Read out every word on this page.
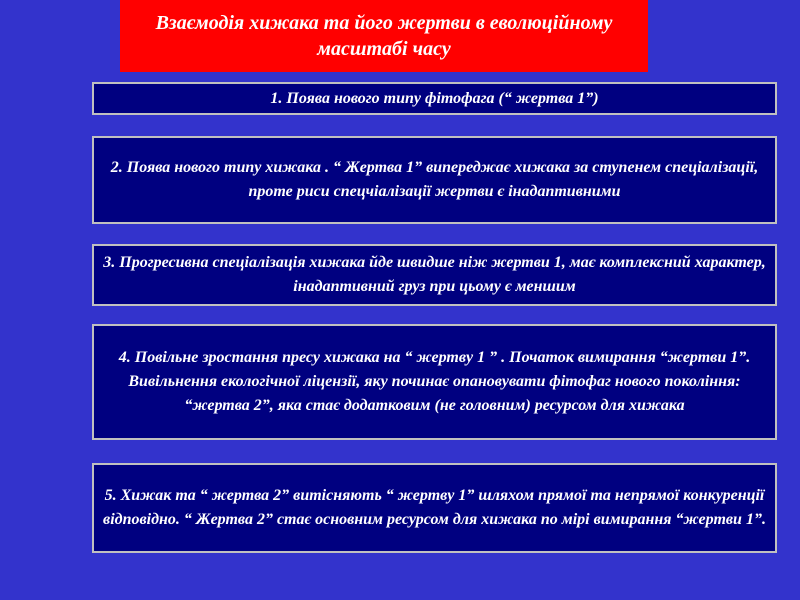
Взаємодія хижака та його жертви в еволюційному масштабі часу
1. Поява нового типу фітофага (“ жертва 1”)
2. Поява нового типу хижака . “ Жертва 1” випереджає хижака за ступенем спеціалізації, проте риси спецчіалізації жертви є інадаптивними
3. Прогресивна спеціалізація хижака йде швидше ніж жертви 1, має комплексний характер, інадаптивний груз при цьому є меншим
4. Повільне зростання пресу хижака на “ жертву 1 ” . Початок вимирання “жертви 1”. Вивільнення екологічної ліцензії, яку починає опановувати фітофаг нового покоління: “жертва 2”, яка стає додатковим (не головним) ресурсом для хижака
5. Хижак та “ жертва 2” витісняють “ жертву 1” шляхом прямої та непрямої конкуренції відповідно. “ Жертва 2” стає основним ресурсом для хижака по мірі вимирання “жертви 1”.
